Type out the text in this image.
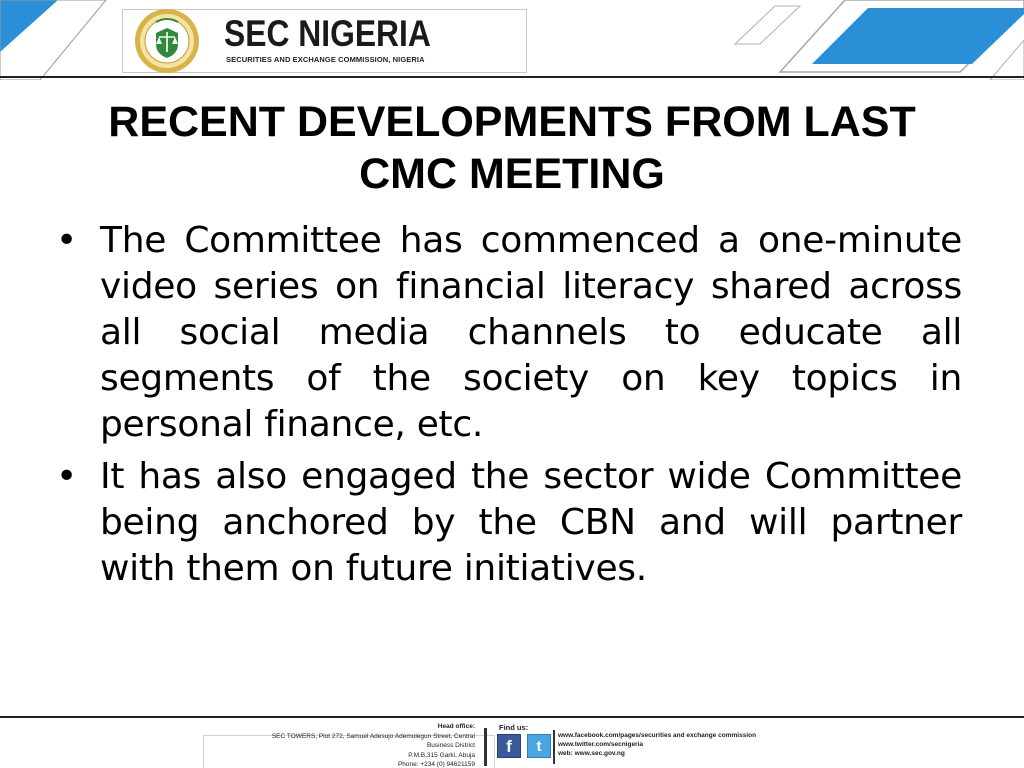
SEC NIGERIA
SECURITIES AND EXCHANGE COMMISSION, NIGERIA
RECENT DEVELOPMENTS FROM LAST CMC MEETING
• The Committee has commenced a one-minute video series on financial literacy shared across all social media channels to educate all segments of the society on key topics in personal finance, etc.
• It has also engaged the sector wide Committee being anchored by the CBN and will partner with them on future initiatives.
Head office:
SEC TOWERS, Plot 272, Samuel Adesujo Ademulegun Street, Central
Business District
P.M.B.315 Garki, Abuja
Phone: +234 (0) 94621159
Find us:
f	t
www.facebook.com/pages/securities and exchange commission
www.twitter.com/secnigeria
web: www.sec.gov.ng
